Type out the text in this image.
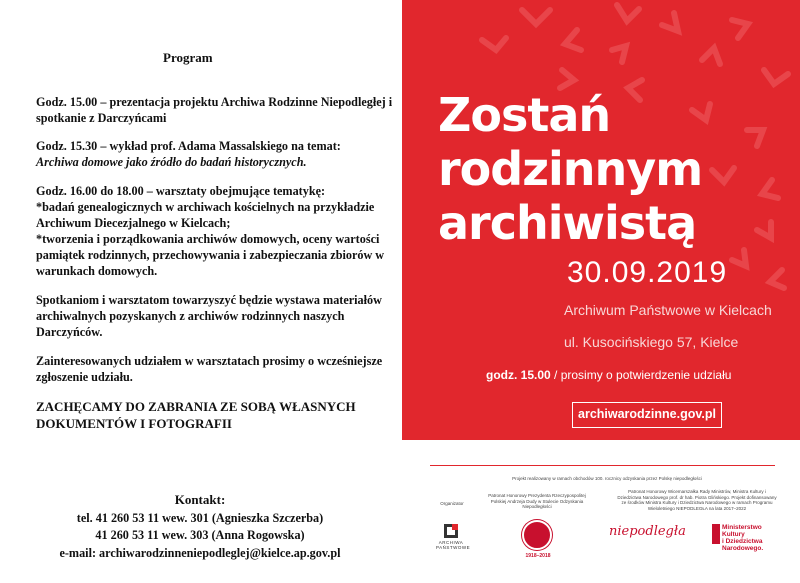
Program
Godz. 15.00 – prezentacja projektu Archiwa Rodzinne Niepodległej i spotkanie z Darczyńcami
Godz. 15.30 – wykład prof. Adama Massalskiego na temat:
Archiwa domowe jako źródło do badań historycznych.
Godz. 16.00 do 18.00 – warsztaty obejmujące tematykę:
*badań genealogicznych w archiwach kościelnych na przykładzie Archiwum Diecezjalnego w Kielcach;
*tworzenia i porządkowania archiwów domowych, oceny wartości pamiątek rodzinnych, przechowywania i zabezpieczania zbiorów w warunkach domowych.
Spotkaniom i warsztatom towarzyszyć będzie wystawa materiałów archiwalnych pozyskanych z archiwów rodzinnych naszych Darczyńców.
Zainteresowanych udziałem w warsztatach prosimy o wcześniejsze zgłoszenie udziału.
ZACHĘCAMY DO ZABRANIA ZE SOBĄ WŁASNYCH DOKUMENTÓW I FOTOGRAFII
Kontakt:
tel. 41 260 53 11 wew. 301 (Agnieszka Szczerba)
41 260 53 11 wew. 303 (Anna Rogowska)
e-mail: archiwarodzinneniepodleglej@kielce.ap.gov.pl
Zostań
rodzinnym
archiwistą
30.09.2019
Archiwum Państwowe w Kielcach
ul. Kusocińskiego 57, Kielce
godz. 15.00 / prosimy o potwierdzenie udziału
archiwarodzinne.gov.pl
Projekt realizowany w ramach obchodów 100. rocznicy odzyskania przez Polskę niepodległości
Organizator
Patronat Honorowy Prezydenta Rzeczypospolitej Polskiej Andrzeja Dudy w Stulecie Odzyskania Niepodległości
Patronat Honorowy Wicemarszałka Rady Ministrów, Ministra Kultury i Dziedzictwa Narodowego prof. dr hab. Piotra Glińskiego. Projekt dofinansowany ze środków Ministra Kultury i Dziedzictwa Narodowego w ramach Programu Wieloletniego NIEPODLEGŁA na lata 2017–2022
ARCHIWA PAŃSTWOWE
1918–2018
niepodległa	Ministerstwo
Kultury
i Dziedzictwa
Narodowego.
